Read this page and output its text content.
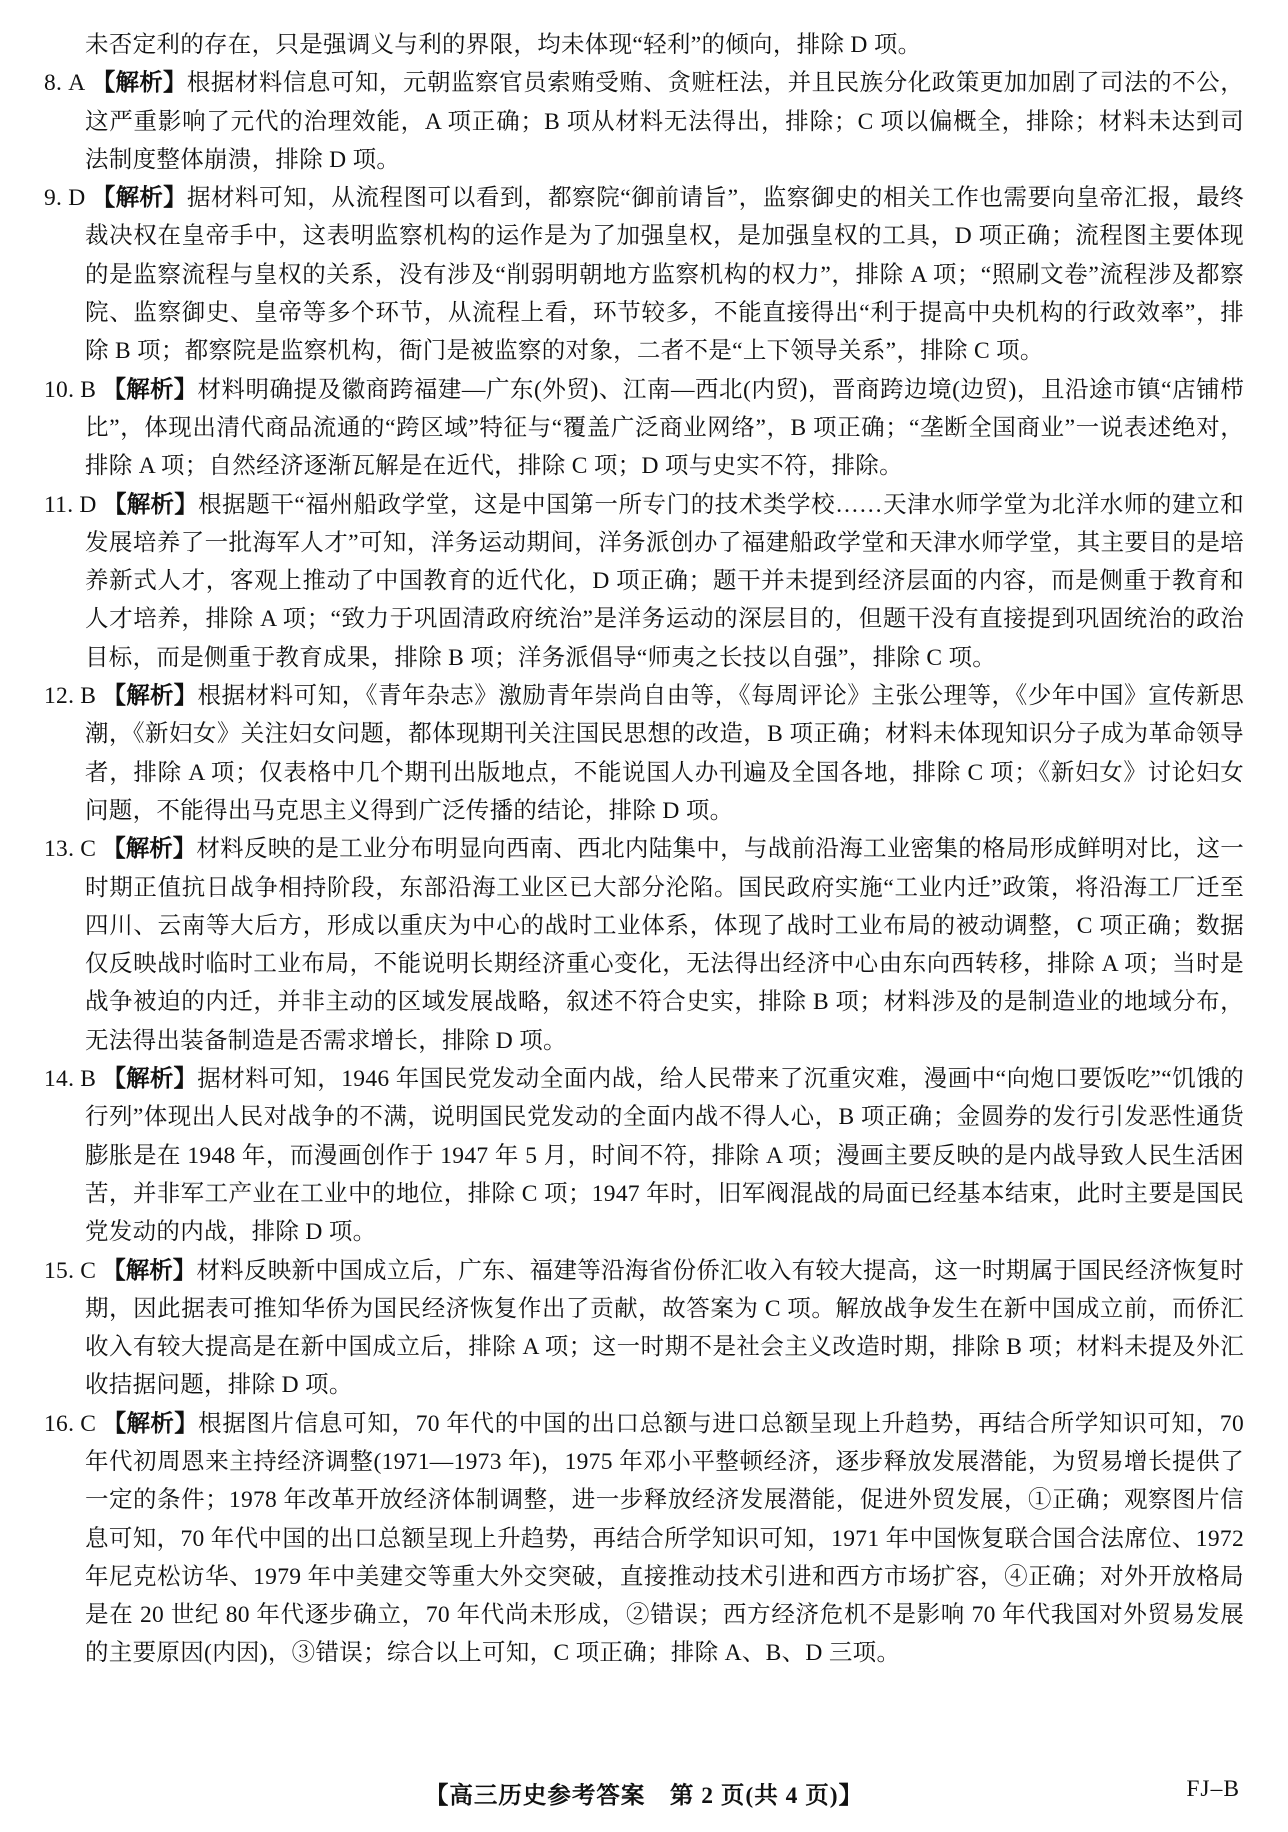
未否定利的存在，只是强调义与利的界限，均未体现“轻利”的倾向，排除 D 项。
8. A 【解析】根据材料信息可知，元朝监察官员索贿受贿、贪赃枉法，并且民族分化政策更加加剧了司法的不公，这严重影响了元代的治理效能，A 项正确；B 项从材料无法得出，排除；C 项以偏概全，排除；材料未达到司法制度整体崩溃，排除 D 项。
9. D 【解析】据材料可知，从流程图可以看到，都察院“御前请旨”，监察御史的相关工作也需要向皇帝汇报，最终裁决权在皇帝手中，这表明监察机构的运作是为了加强皇权，是加强皇权的工具，D 项正确；流程图主要体现的是监察流程与皇权的关系，没有涉及“削弱明朝地方监察机构的权力”，排除 A 项；“照刷文卷”流程涉及都察院、监察御史、皇帝等多个环节，从流程上看，环节较多，不能直接得出“利于提高中央机构的行政效率”，排除 B 项；都察院是监察机构，衙门是被监察的对象，二者不是“上下领导关系”，排除 C 项。
10. B 【解析】材料明确提及徽商跨福建—广东(外贸)、江南—西北(内贸)，晋商跨边境(边贸)，且沿途市镇“店铺栉比”，体现出清代商品流通的“跨区域”特征与“覆盖广泛商业网络”，B 项正确；“垄断全国商业”一说表述绝对，排除 A 项；自然经济逐渐瓦解是在近代，排除 C 项；D 项与史实不符，排除。
11. D 【解析】根据题干“福州船政学堂，这是中国第一所专门的技术类学校……天津水师学堂为北洋水师的建立和发展培养了一批海军人才”可知，洋务运动期间，洋务派创办了福建船政学堂和天津水师学堂，其主要目的是培养新式人才，客观上推动了中国教育的近代化，D 项正确；题干并未提到经济层面的内容，而是侧重于教育和人才培养，排除 A 项；“致力于巩固清政府统治”是洋务运动的深层目的，但题干没有直接提到巩固统治的政治目标，而是侧重于教育成果，排除 B 项；洋务派倡导“师夷之长技以自强”，排除 C 项。
12. B 【解析】根据材料可知，《青年杂志》激励青年崇尚自由等，《每周评论》主张公理等，《少年中国》宣传新思潮，《新妇女》关注妇女问题，都体现期刊关注国民思想的改造，B 项正确；材料未体现知识分子成为革命领导者，排除 A 项；仅表格中几个期刊出版地点，不能说国人办刊遍及全国各地，排除 C 项；《新妇女》讨论妇女问题，不能得出马克思主义得到广泛传播的结论，排除 D 项。
13. C 【解析】材料反映的是工业分布明显向西南、西北内陆集中，与战前沿海工业密集的格局形成鲜明对比，这一时期正值抗日战争相持阶段，东部沿海工业区已大部分沦陷。国民政府实施“工业内迁”政策，将沿海工厂迁至四川、云南等大后方，形成以重庆为中心的战时工业体系，体现了战时工业布局的被动调整，C 项正确；数据仅反映战时临时工业布局，不能说明长期经济重心变化，无法得出经济中心由东向西转移，排除 A 项；当时是战争被迫的内迁，并非主动的区域发展战略，叙述不符合史实，排除 B 项；材料涉及的是制造业的地域分布，无法得出装备制造是否需求增长，排除 D 项。
14. B 【解析】据材料可知，1946 年国民党发动全面内战，给人民带来了沉重灾难，漫画中“向炮口要饭吃”“饥饿的行列”体现出人民对战争的不满，说明国民党发动的全面内战不得人心，B 项正确；金圆券的发行引发恶性通货膨胀是在 1948 年，而漫画创作于 1947 年 5 月，时间不符，排除 A 项；漫画主要反映的是内战导致人民生活困苦，并非军工产业在工业中的地位，排除 C 项；1947 年时，旧军阀混战的局面已经基本结束，此时主要是国民党发动的内战，排除 D 项。
15. C 【解析】材料反映新中国成立后，广东、福建等沿海省份侨汇收入有较大提高，这一时期属于国民经济恢复时期，因此据表可推知华侨为国民经济恢复作出了贡献，故答案为 C 项。解放战争发生在新中国成立前，而侨汇收入有较大提高是在新中国成立后，排除 A 项；这一时期不是社会主义改造时期，排除 B 项；材料未提及外汇收拮据问题，排除 D 项。
16. C 【解析】根据图片信息可知，70 年代的中国的出口总额与进口总额呈现上升趋势，再结合所学知识可知，70 年代初周恩来主持经济调整(1971—1973 年)，1975 年邓小平整顿经济，逐步释放发展潜能，为贸易增长提供了一定的条件；1978 年改革开放经济体制调整，进一步释放经济发展潜能，促进外贸发展，①正确；观察图片信息可知，70 年代中国的出口总额呈现上升趋势，再结合所学知识可知，1971 年中国恢复联合国合法席位、1972 年尼克松访华、1979 年中美建交等重大外交突破，直接推动技术引进和西方市场扩容，④正确；对外开放格局是在 20 世纪 80 年代逐步确立，70 年代尚未形成，②错误；西方经济危机不是影响 70 年代我国对外贸易发展的主要原因(内因)，③错误；综合以上可知，C 项正确；排除 A、B、D 三项。
【高三历史参考答案　第 2 页(共 4 页)】	FJ–B
